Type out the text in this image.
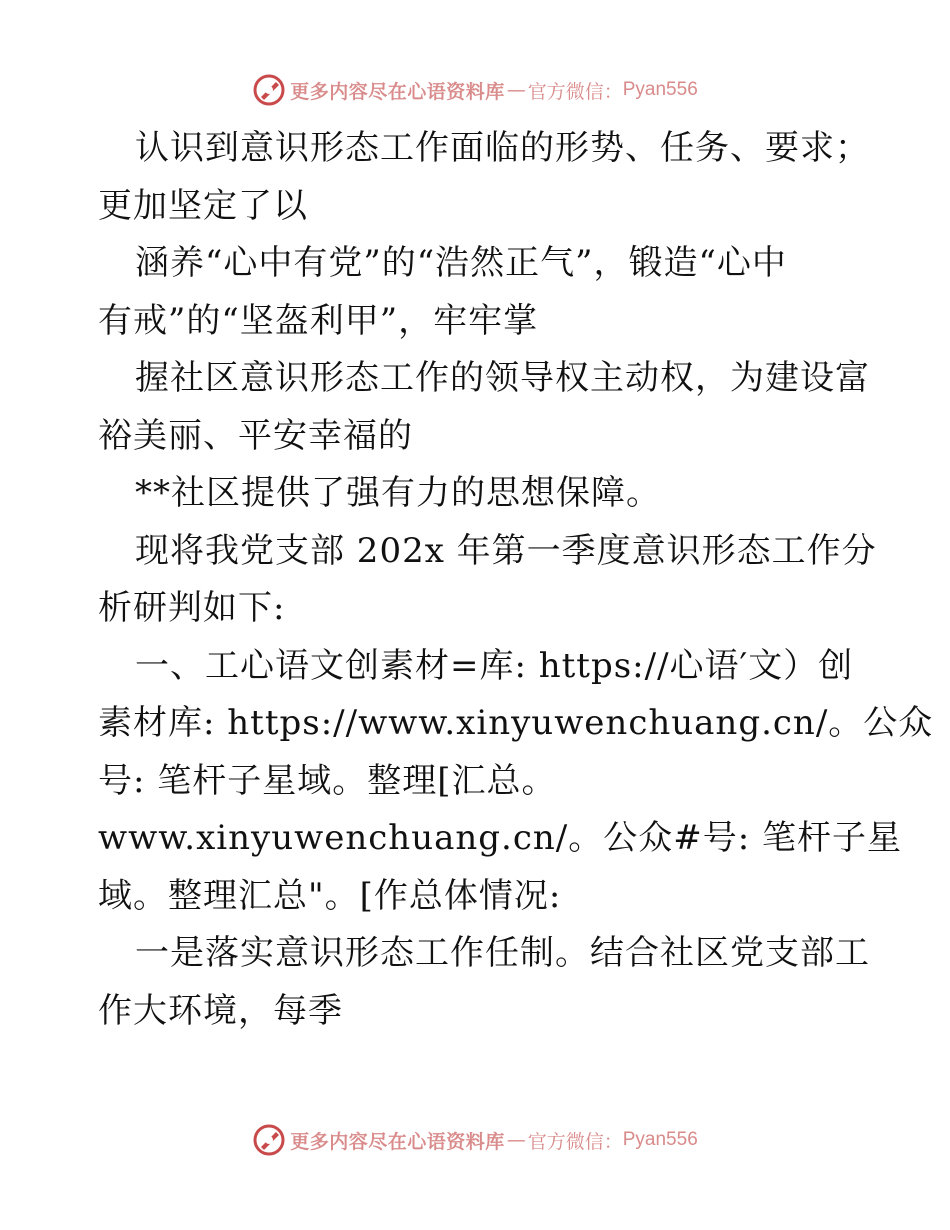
更多内容尽在心语资料库 — 官方微信： Pyan556
认识到意识形态工作面临的形势、任务、要求；
更加坚定了以
涵养“心中有党”的“浩然正气”，锻造“心中
有戒”的“坚盔利甲”，牢牢掌
握社区意识形态工作的领导权主动权，为建设富
裕美丽、平安幸福的
**社区提供了强有力的思想保障。
现将我党支部 202x 年第一季度意识形态工作分
析研判如下:
一、工心语文创素材=库: https://心语′文）创
素材库: https://www.xinyuwenchuang.cn/。公众
号: 笔杆子星域。整理[汇总。
www.xinyuwenchuang.cn/。公众#号: 笔杆子星
域。整理汇总"。[作总体情况:
一是落实意识形态工作任制。结合社区党支部工
作大环境，每季
更多内容尽在心语资料库 — 官方微信： Pyan556
